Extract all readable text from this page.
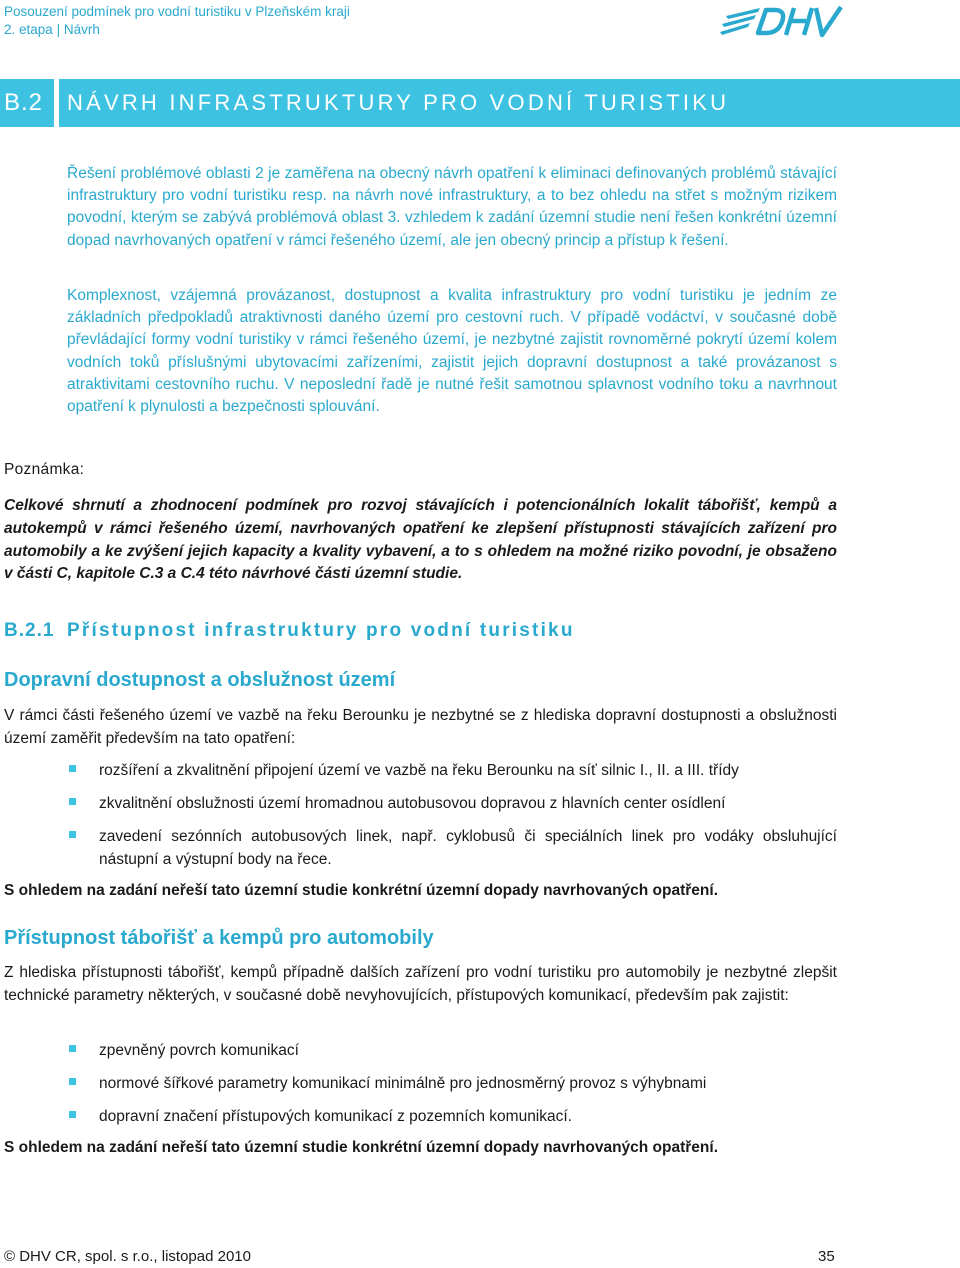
Posouzení podmínek pro vodní turistiku v Plzeňském kraji
2. etapa | Návrh
B.2 NÁVRH INFRASTRUKTURY PRO VODNÍ TURISTIKU
Řešení problémové oblasti 2 je zaměřena na obecný návrh opatření k eliminaci definovaných problémů stávající infrastruktury pro vodní turistiku resp. na návrh nové infrastruktury, a to bez ohledu na střet s možným rizikem povodní, kterým se zabývá problémová oblast 3. vzhledem k zadání územní studie není řešen konkrétní územní dopad navrhovaných opatření v rámci řešeného území, ale jen obecný princip a přístup k řešení.
Komplexnost, vzájemná provázanost, dostupnost a kvalita infrastruktury pro vodní turistiku je jedním ze základních předpokladů atraktivnosti daného území pro cestovní ruch. V případě vodáctví, v současné době převládající formy vodní turistiky v rámci řešeného území, je nezbytné zajistit rovnoměrné pokrytí území kolem vodních toků příslušnými ubytovacími zařízeními, zajistit jejich dopravní dostupnost a také provázanost s atraktivitami cestovního ruchu. V neposlední řadě je nutné řešit samotnou splavnost vodního toku a navrhnout opatření k plynulosti a bezpečnosti splouvání.
Poznámka:
Celkové shrnutí a zhodnocení podmínek pro rozvoj stávajících i potencionálních lokalit tábořišť, kempů a autokempů v rámci řešeného území, navrhovaných opatření ke zlepšení přístupnosti stávajících zařízení pro automobily a ke zvýšení jejich kapacity a kvality vybavení, a to s ohledem na možné riziko povodní, je obsaženo v části C, kapitole C.3 a C.4 této návrhové části územní studie.
B.2.1 Přístupnost infrastruktury pro vodní turistiku
Dopravní dostupnost a obslužnost území
V rámci části řešeného území ve vazbě na řeku Berounku je nezbytné se z hlediska dopravní dostupnosti a obslužnosti území zaměřit především na tato opatření:
rozšíření a zkvalitnění připojení území ve vazbě na řeku Berounku na síť silnic I., II. a III. třídy
zkvalitnění obslužnosti území hromadnou autobusovou dopravou z hlavních center osídlení
zavedení sezónních autobusových linek, např. cyklobusů či speciálních linek pro vodáky obsluhující nástupní a výstupní body na řece.
S ohledem na zadání neřeší tato územní studie konkrétní územní dopady navrhovaných opatření.
Přístupnost tábořišť a kempů pro automobily
Z hlediska přístupnosti tábořišť, kempů případně dalších zařízení pro vodní turistiku pro automobily je nezbytné zlepšit technické parametry některých, v současné době nevyhovujících, přístupových komunikací, především pak zajistit:
zpevněný povrch komunikací
normové šířkové parametry komunikací minimálně pro jednosměrný provoz s výhybnami
dopravní značení přístupových komunikací z pozemních komunikací.
S ohledem na zadání neřeší tato územní studie konkrétní územní dopady navrhovaných opatření.
© DHV CR, spol. s r.o., listopad 2010	35
